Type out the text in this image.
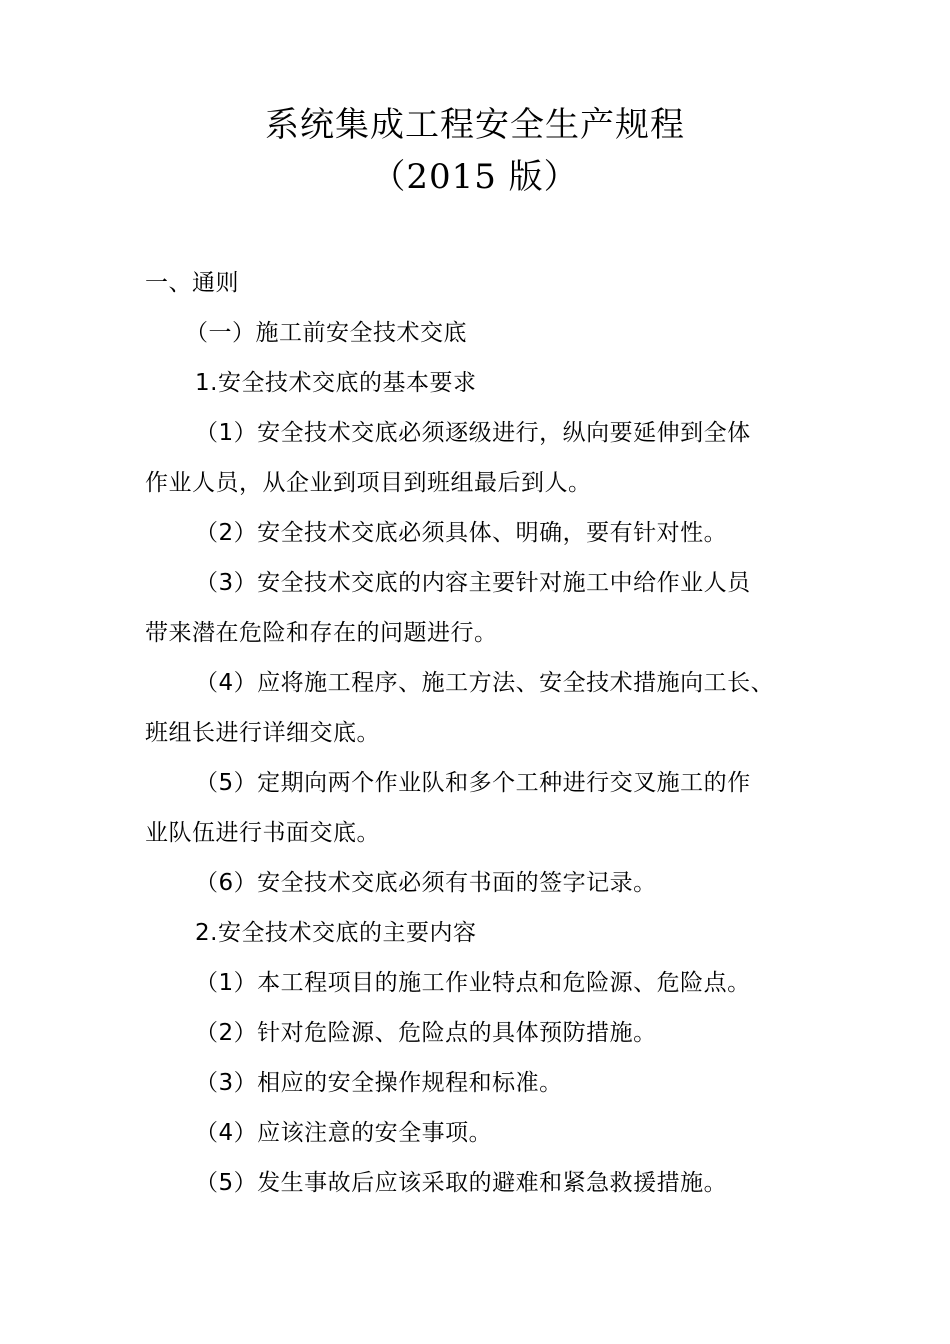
系统集成工程安全生产规程
（2015 版）
一、通则
（一）施工前安全技术交底
1.安全技术交底的基本要求
（1）安全技术交底必须逐级进行，纵向要延伸到全体
作业人员，从企业到项目到班组最后到人。
（2）安全技术交底必须具体、明确，要有针对性。
（3）安全技术交底的内容主要针对施工中给作业人员
带来潜在危险和存在的问题进行。
（4）应将施工程序、施工方法、安全技术措施向工长、
班组长进行详细交底。
（5）定期向两个作业队和多个工种进行交叉施工的作
业队伍进行书面交底。
（6）安全技术交底必须有书面的签字记录。
2.安全技术交底的主要内容
（1）本工程项目的施工作业特点和危险源、危险点。
（2）针对危险源、危险点的具体预防措施。
（3）相应的安全操作规程和标准。
（4）应该注意的安全事项。
（5）发生事故后应该采取的避难和紧急救援措施。
